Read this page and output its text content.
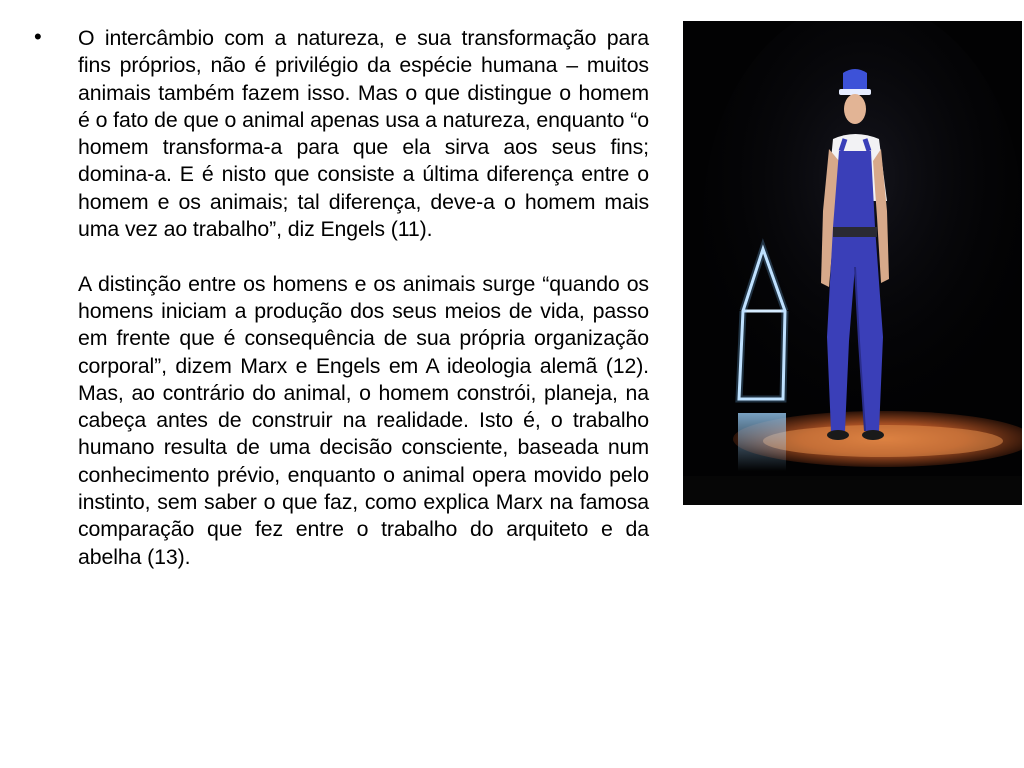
• O intercâmbio com a natureza, e sua transformação para fins próprios, não é privilégio da espécie humana – muitos animais também fazem isso. Mas o que distingue o homem é o fato de que o animal apenas usa a natureza, enquanto “o homem transforma-a para que ela sirva aos seus fins; domina-a. E é nisto que consiste a última diferença entre o homem e os animais; tal diferença, deve-a o homem mais uma vez ao trabalho”, diz Engels (11).

A distinção entre os homens e os animais surge “quando os homens iniciam a produção dos seus meios de vida, passo em frente que é consequência de sua própria organização corporal”, dizem Marx e Engels em A ideologia alemã (12). Mas, ao contrário do animal, o homem constrói, planeja, na cabeça antes de construir na realidade. Isto é, o trabalho humano resulta de uma decisão consciente, baseada num conhecimento prévio, enquanto o animal opera movido pelo instinto, sem saber o que faz, como explica Marx na famosa comparação que fez entre o trabalho do arquiteto e da abelha (13).
